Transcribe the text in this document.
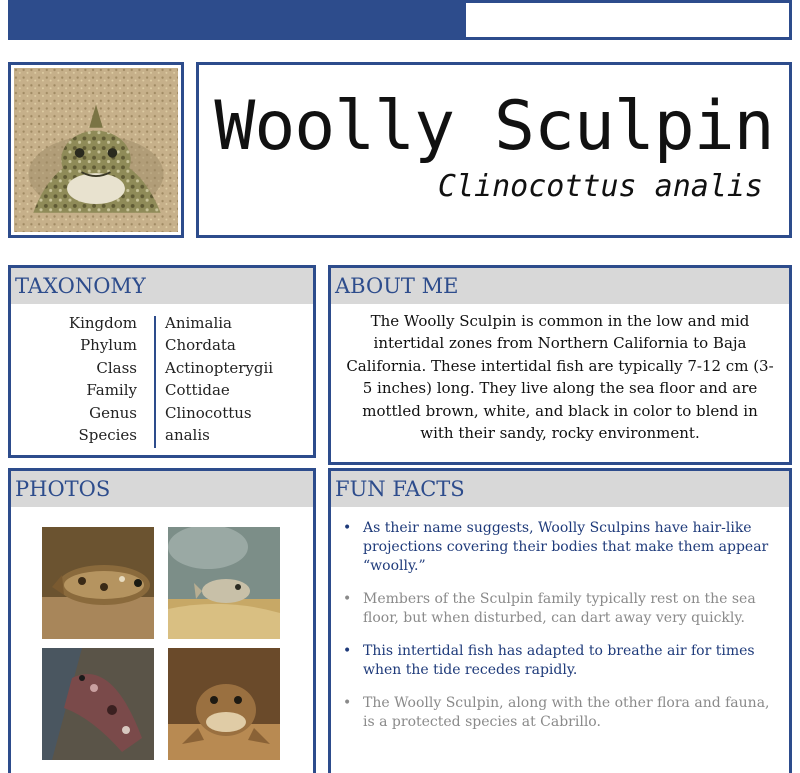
Woolly Sculpin
Clinocottus analis
TAXONOMY
Kingdom Animalia
Phylum Chordata
Class Actinopterygii
Family Cottidae
Genus Clinocottus
Species analis
ABOUT ME
The Woolly Sculpin is common in the low and mid intertidal zones from Northern California to Baja California. These intertidal fish are typically 7-12 cm (3-5 inches) long. They live along the sea floor and are mottled brown, white, and black in color to blend in with their sandy, rocky environment.
PHOTOS	FUN FACTS
• As their name suggests, Woolly Sculpins have hair-like projections covering their bodies that make them appear “woolly.”
• Members of the Sculpin family typically rest on the sea floor, but when disturbed, can dart away very quickly.
• This intertidal fish has adapted to breathe air for times when the tide recedes rapidly.
• The Woolly Sculpin, along with the other flora and fauna, is a protected species at Cabrillo.
